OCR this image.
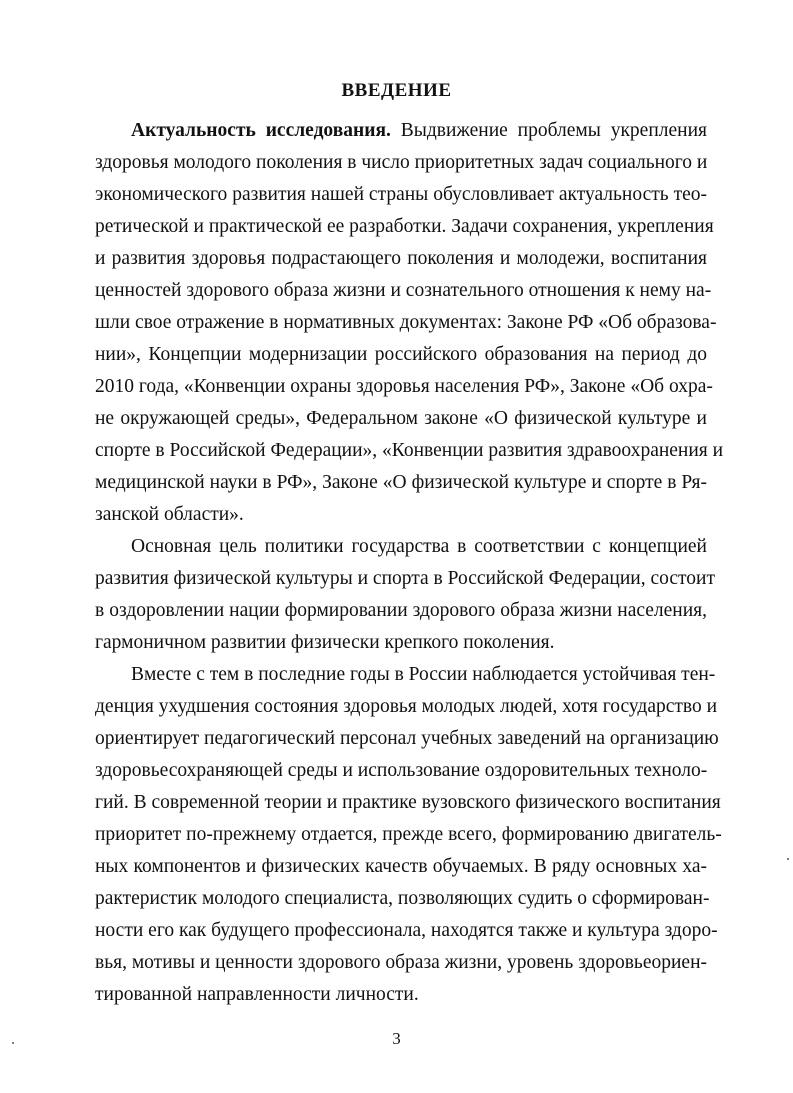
ВВЕДЕНИЕ
Актуальность исследования. Выдвижение проблемы укрепления
здоровья молодого поколения в число приоритетных задач социального и
экономического развития нашей страны обусловливает актуальность тео-
ретической и практической ее разработки. Задачи сохранения, укрепления
и развития здоровья подрастающего поколения и молодежи, воспитания
ценностей здорового образа жизни и сознательного отношения к нему на-
шли свое отражение в нормативных документах: Законе РФ «Об образова-
нии», Концепции модернизации российского образования на период до
2010 года, «Конвенции охраны здоровья населения РФ», Законе «Об охра-
не окружающей среды», Федеральном законе «О физической культуре и
спорте в Российской Федерации», «Конвенции развития здравоохранения и
медицинской науки в РФ», Законе «О физической культуре и спорте в Ря-
занской области».
Основная цель политики государства в соответствии с концепцией
развития физической культуры и спорта в Российской Федерации, состоит
в оздоровлении нации формировании здорового образа жизни населения,
гармоничном развитии физически крепкого поколения.
Вместе с тем в последние годы в России наблюдается устойчивая тен-
денция ухудшения состояния здоровья молодых людей, хотя государство и
ориентирует педагогический персонал учебных заведений на организацию
здоровьесохраняющей среды и использование оздоровительных техноло-
гий. В современной теории и практике вузовского физического воспитания
приоритет по-прежнему отдается, прежде всего, формированию двигатель-
ных компонентов и физических качеств обучаемых. В ряду основных ха-
рактеристик молодого специалиста, позволяющих судить о сформирован-
ности его как будущего профессионала, находятся также и культура здоро-
вья, мотивы и ценности здорового образа жизни, уровень здоровьеориен-
тированной направленности личности.
3
